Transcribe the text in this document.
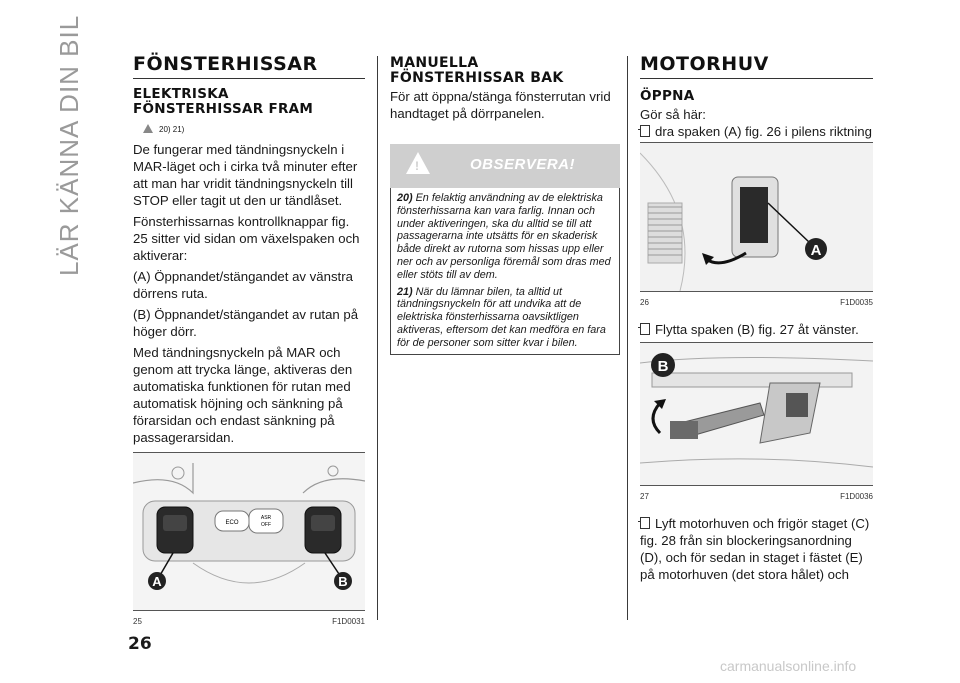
LÄR KÄNNA DIN BIL	FÖNSTERHISSAR
ELEKTRISKA
FÖNSTERHISSAR FRAM
20) 21)

De fungerar med tändningsnyckeln i MAR-läget och i cirka två minuter efter att man har vridit tändningsnyckeln till STOP eller tagit ut den ur tändlåset.

Fönsterhissarnas kontrollknappar fig. 25 sitter vid sidan om växelspaken och aktiverar:

(A) Öppnandet/stängandet av vänstra dörrens ruta.

(B) Öppnandet/stängandet av rutan på höger dörr.

Med tändningsnyckeln på MAR och genom att trycka länge, aktiveras den automatiska funktionen för rutan med automatisk höjning och sänkning på förarsidan och endast sänkning på passagerarsidan.

ECO
ASR
OFF
A	B
25	F1D0031
MANUELLA
FÖNSTERHISSAR BAK

För att öppna/stänga fönsterrutan vrid handtaget på dörrpanelen.

!
OBSERVERA!

20) En felaktig användning av de elektriska fönsterhissarna kan vara farlig. Innan och under aktiveringen, ska du alltid se till att passagerarna inte utsätts för en skaderisk både direkt av rutorna som hissas upp eller ner och av personliga föremål som dras med eller stöts till av dem.

21) När du lämnar bilen, ta alltid ut tändningsnyckeln för att undvika att de elektriska fönsterhissarna oavsiktligen aktiveras, eftersom det kan medföra en fara för de personer som sitter kvar i bilen.

MOTORHUV
ÖPPNA

Gör så här:

dra spaken (A) fig. 26 i pilens riktning

A
26	F1D0035

Flytta spaken (B) fig. 27 åt vänster.

B
27	F1D0036

Lyft motorhuven och frigör staget (C) fig. 28 från sin blockeringsanordning (D), och för sedan in staget i fästet (E) på motorhuven (det stora hålet) och

26
carmanualsonline.info
